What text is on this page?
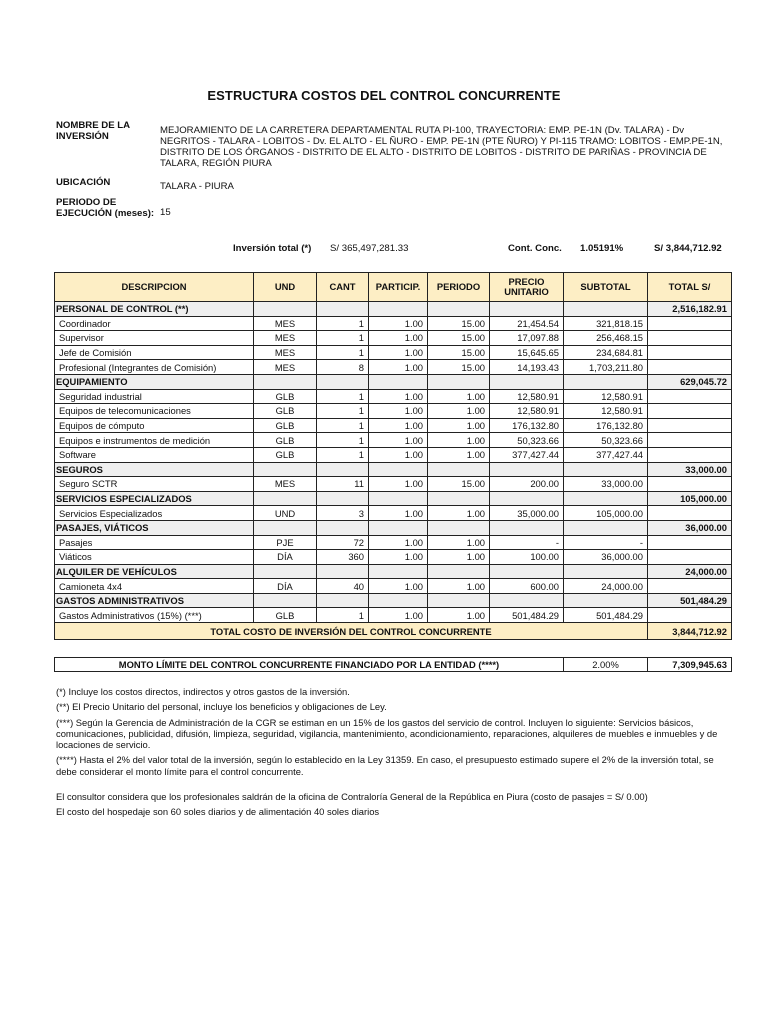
ESTRUCTURA COSTOS DEL CONTROL CONCURRENTE
NOMBRE DE LA INVERSIÓN
MEJORAMIENTO DE LA CARRETERA DEPARTAMENTAL RUTA PI-100, TRAYECTORIA: EMP. PE-1N (Dv. TALARA) - Dv NEGRITOS - TALARA - LOBITOS - Dv. EL ALTO - EL ÑURO - EMP. PE-1N (PTE ÑURO) Y PI-115 TRAMO: LOBITOS - EMP.PE-1N, DISTRITO DE LOS ÓRGANOS - DISTRITO DE EL ALTO - DISTRITO DE LOBITOS - DISTRITO DE PARIÑAS - PROVINCIA DE TALARA, REGIÓN PIURA
UBICACIÓN	TALARA - PIURA
PERIODO DE
EJECUCIÓN (meses): 15
Inversión total (*) S/ 365,497,281.33	Cont. Conc. 1.05191%	S/ 3,844,712.92
DESCRIPCION	UND	CANT	PARTICIP.	PERIODO	PRECIO UNITARIO	SUBTOTAL	TOTAL S/
PERSONAL DE CONTROL (**)							2,516,182.91
Coordinador	MES	1	1.00	15.00	21,454.54	321,818.15	
Supervisor	MES	1	1.00	15.00	17,097.88	256,468.15	
Jefe de Comisión	MES	1	1.00	15.00	15,645.65	234,684.81	
Profesional (Integrantes de Comisión)	MES	8	1.00	15.00	14,193.43	1,703,211.80	
EQUIPAMIENTO							629,045.72
Seguridad industrial	GLB	1	1.00	1.00	12,580.91	12,580.91	
Equipos de telecomunicaciones	GLB	1	1.00	1.00	12,580.91	12,580.91	
Equipos de cómputo	GLB	1	1.00	1.00	176,132.80	176,132.80	
Equipos e instrumentos de medición	GLB	1	1.00	1.00	50,323.66	50,323.66	
Software	GLB	1	1.00	1.00	377,427.44	377,427.44	
SEGUROS							33,000.00
Seguro SCTR	MES	11	1.00	15.00	200.00	33,000.00	
SERVICIOS ESPECIALIZADOS							105,000.00
Servicios Especializados	UND	3	1.00	1.00	35,000.00	105,000.00	
PASAJES, VIÁTICOS							36,000.00
Pasajes	PJE	72	1.00	1.00	-	-	
Viáticos	DÍA	360	1.00	1.00	100.00	36,000.00	
ALQUILER DE VEHÍCULOS							24,000.00
Camioneta 4x4	DÍA	40	1.00	1.00	600.00	24,000.00	
GASTOS ADMINISTRATIVOS							501,484.29
Gastos Administrativos (15%) (***)	GLB	1	1.00	1.00	501,484.29	501,484.29	
TOTAL COSTO DE INVERSIÓN DEL CONTROL CONCURRENTE							3,844,712.92
MONTO LÍMITE DEL CONTROL CONCURRENTE FINANCIADO POR LA ENTIDAD (****)	2.00%	7,309,945.63

(*) Incluye los costos directos, indirectos y otros gastos de la inversión.

(**) El Precio Unitario del personal, incluye los beneficios y obligaciones de Ley.

(***) Según la Gerencia de Administración de la CGR se estiman en un 15% de los gastos del servicio de control. Incluyen lo siguiente: Servicios básicos, comunicaciones, publicidad, difusión, limpieza, seguridad, vigilancia, mantenimiento, acondicionamiento, reparaciones, alquileres de muebles e inmuebles y de locaciones de servicio.

(****) Hasta el 2% del valor total de la inversión, según lo establecido en la Ley 31359. En caso, el presupuesto estimado supere el 2% de la inversión total, se debe considerar el monto límite para el control concurrente.

El consultor considera que los profesionales saldrán de la oficina de Contraloría General de la República en Piura (costo de pasajes = S/ 0.00)

El costo del hospedaje son 60 soles diarios y de alimentación 40 soles diarios
